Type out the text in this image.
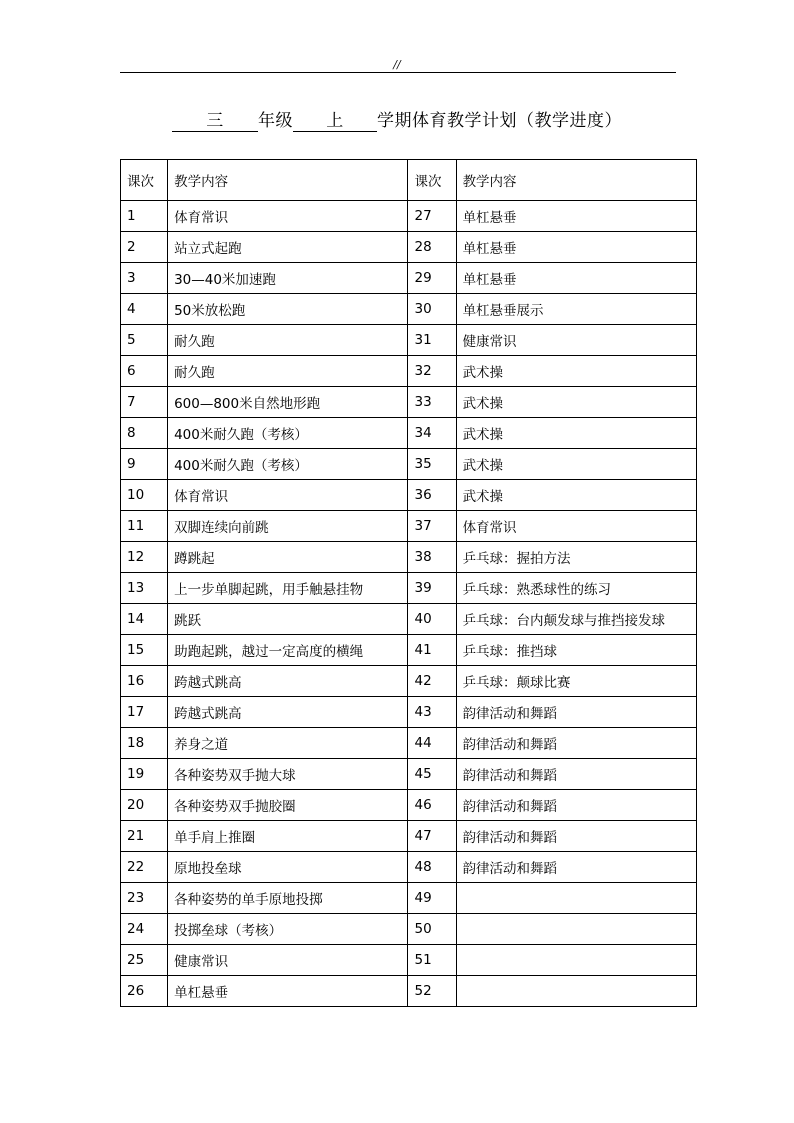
//
三 年级 上 学期体育教学计划（教学进度）
课次	教学内容	课次	教学内容
1	体育常识	27	单杠悬垂
2	站立式起跑	28	单杠悬垂
3	30—40米加速跑	29	单杠悬垂
4	50米放松跑	30	单杠悬垂展示
5	耐久跑	31	健康常识
6	耐久跑	32	武术操
7	600—800米自然地形跑	33	武术操
8	400米耐久跑（考核）	34	武术操
9	400米耐久跑（考核）	35	武术操
10	体育常识	36	武术操
11	双脚连续向前跳	37	体育常识
12	蹲跳起	38	乒乓球：握拍方法
13	上一步单脚起跳，用手触悬挂物	39	乒乓球：熟悉球性的练习
14	跳跃	40	乒乓球：台内颠发球与推挡接发球
15	助跑起跳，越过一定高度的横绳	41	乒乓球：推挡球
16	跨越式跳高	42	乒乓球：颠球比赛
17	跨越式跳高	43	韵律活动和舞蹈
18	养身之道	44	韵律活动和舞蹈
19	各种姿势双手抛大球	45	韵律活动和舞蹈
20	各种姿势双手抛胶圈	46	韵律活动和舞蹈
21	单手肩上推圈	47	韵律活动和舞蹈
22	原地投垒球	48	韵律活动和舞蹈
23	各种姿势的单手原地投掷	49	
24	投掷垒球（考核）	50	
25	健康常识	51	
26	单杠悬垂	52	
